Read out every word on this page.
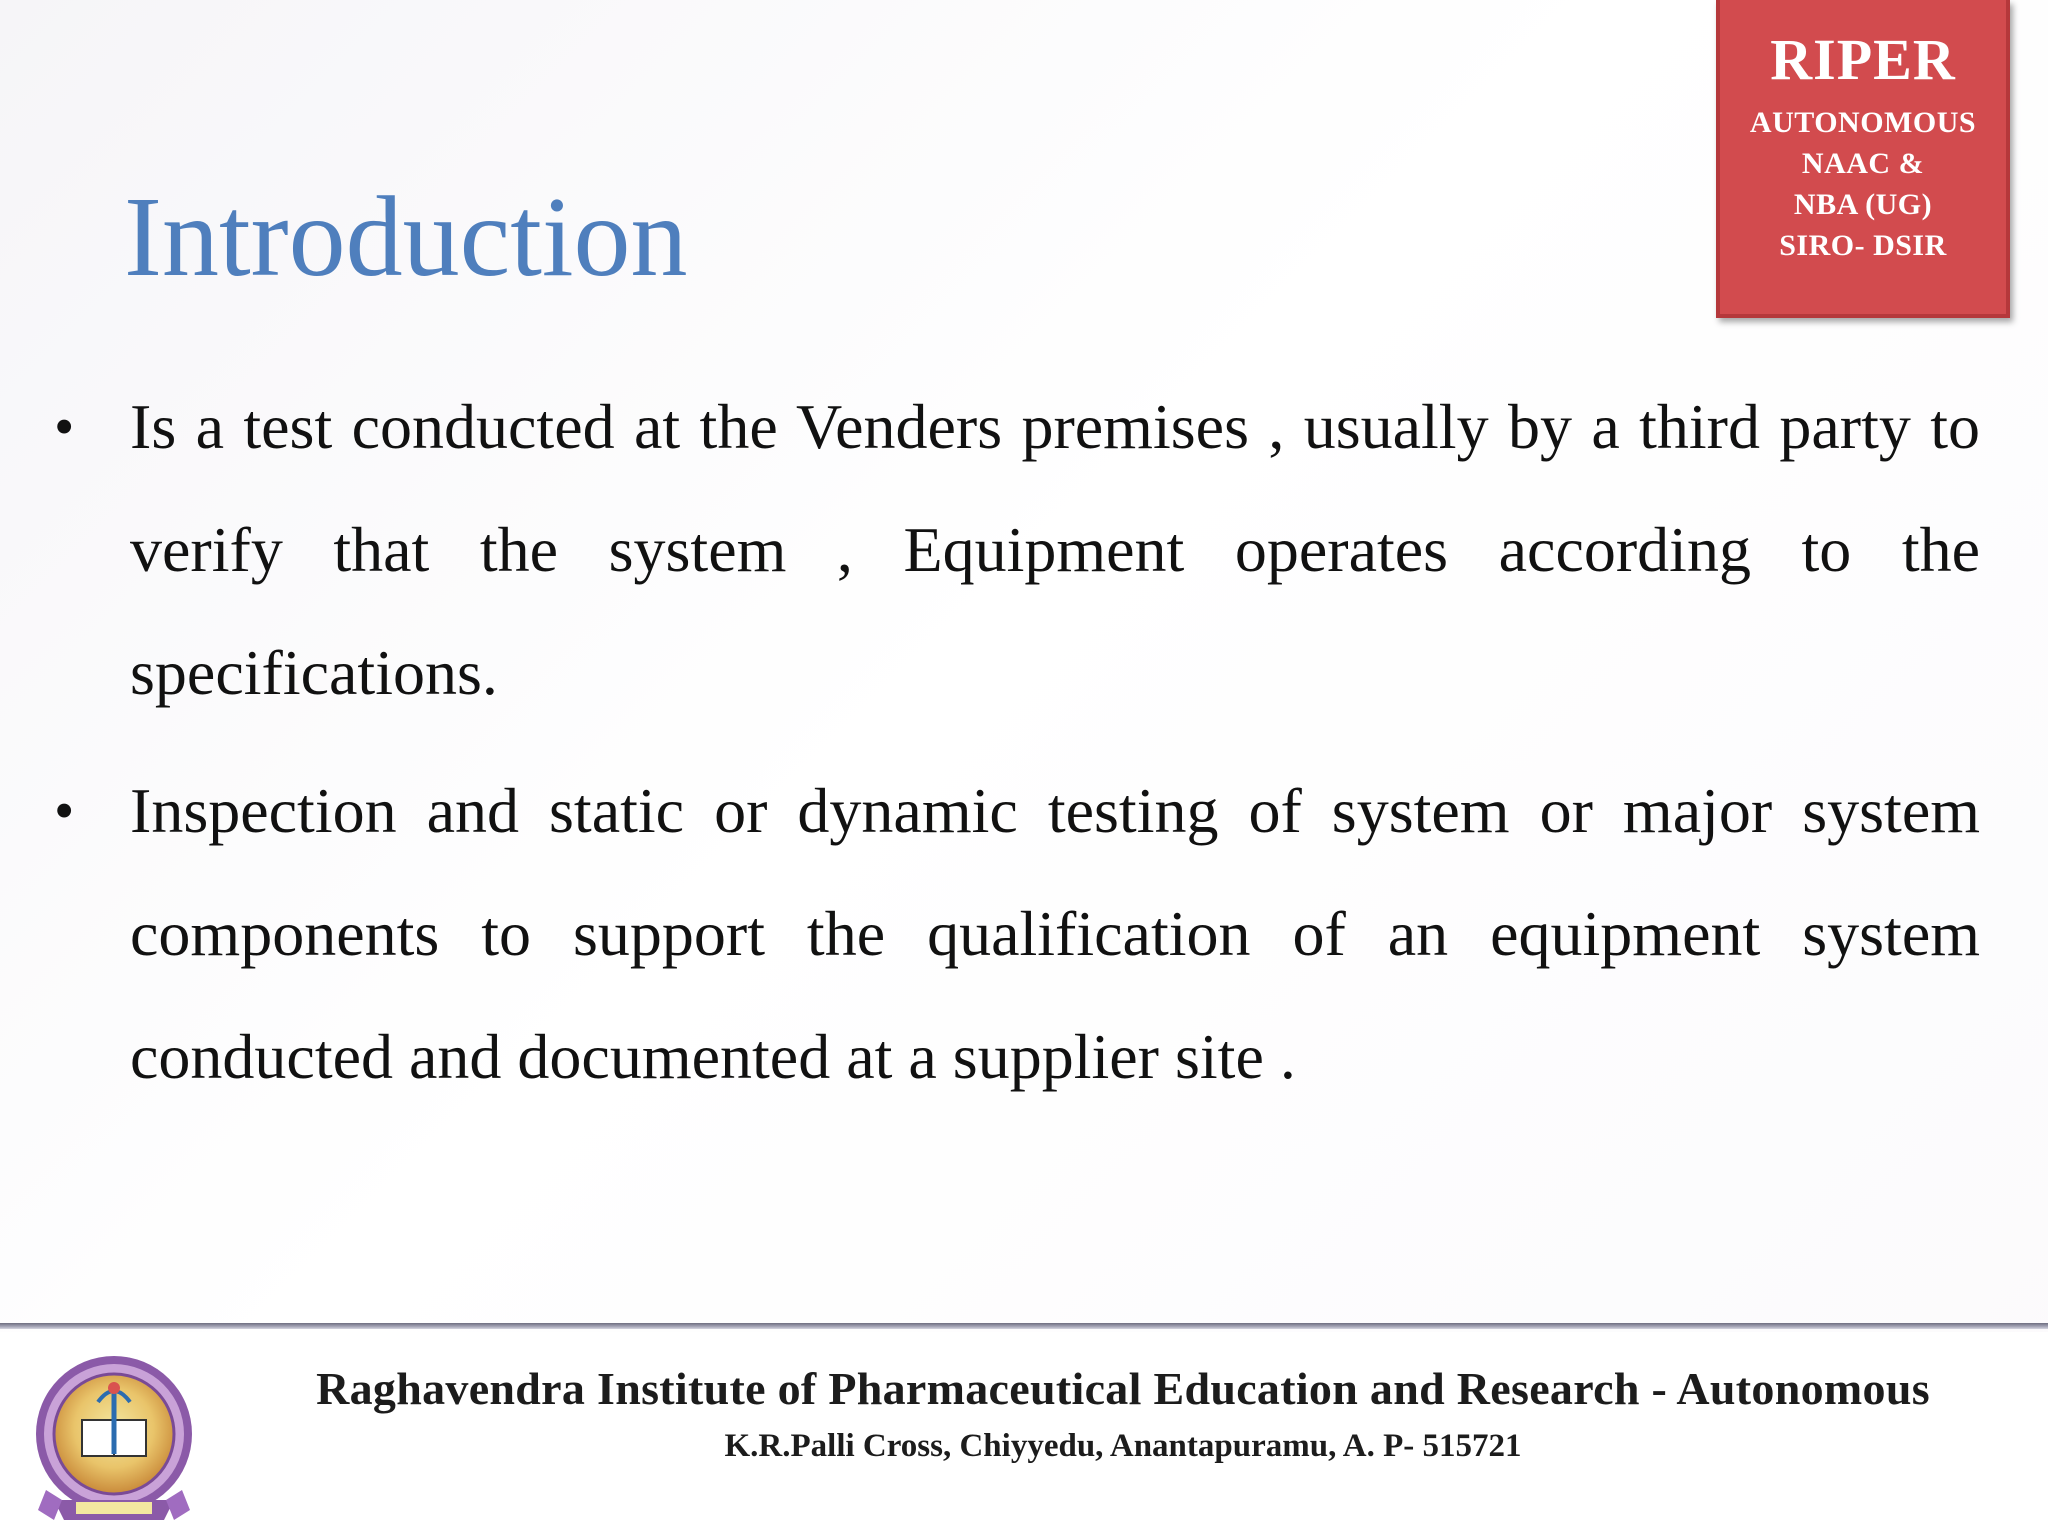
Introduction
RIPER
AUTONOMOUS
NAAC &
NBA (UG)
SIRO- DSIR
• Is a test conducted at the Venders premises , usually by a third party to verify that the system , Equipment operates according to the specifications.
• Inspection and static or dynamic testing of system or major system components to support the qualification of an equipment system conducted and documented at a supplier site .
Raghavendra Institute of Pharmaceutical Education and Research - Autonomous
K.R.Palli Cross, Chiyyedu, Anantapuramu, A. P- 515721
